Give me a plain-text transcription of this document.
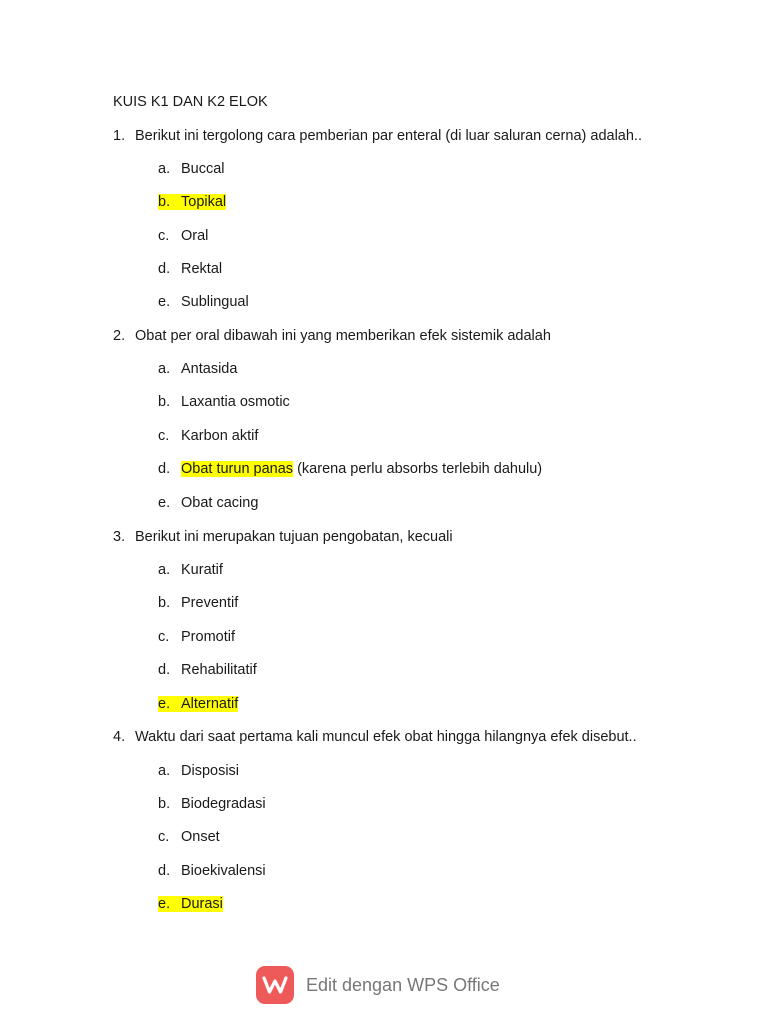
KUIS K1 DAN K2 ELOK
1. Berikut ini tergolong cara pemberian par enteral (di luar saluran cerna) adalah..
a. Buccal
b. Topikal
c. Oral
d. Rektal
e. Sublingual
2. Obat per oral dibawah ini yang memberikan efek sistemik adalah
a. Antasida
b. Laxantia osmotic
c. Karbon aktif
d. Obat turun panas (karena perlu absorbs terlebih dahulu)
e. Obat cacing
3. Berikut ini merupakan tujuan pengobatan, kecuali
a. Kuratif
b. Preventif
c. Promotif
d. Rehabilitatif
e. Alternatif
4. Waktu dari saat pertama kali muncul efek obat hingga hilangnya efek disebut..
a. Disposisi
b. Biodegradasi
c. Onset
d. Bioekivalensi
e. Durasi
Edit dengan WPS Office
